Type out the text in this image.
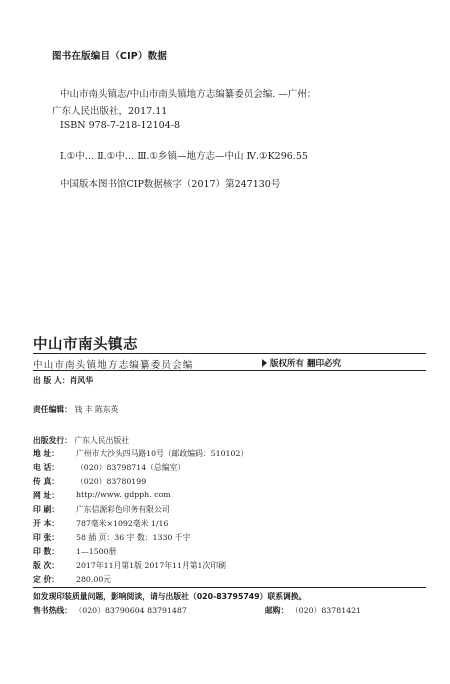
图书在版编目（CIP）数据
中山市南头镇志/中山市南头镇地方志编纂委员会编. —广州：
广东人民出版社，2017.11
ISBN 978-7-218-12104-8
Ⅰ.①中… Ⅱ.①中… Ⅲ.①乡镇—地方志—中山 Ⅳ.①K296.55
中国版本图书馆CIP数据核字（2017）第247130号
中山市南头镇志
中山市南头镇地方志编纂委员会编	版权所有 翻印必究
出 版 人：肖风华
责任编辑： 钱 丰 陈东英
出版发行： 广东人民出版社
地 址： 广州市大沙头四马路10号（邮政编码：510102）
电 话： （020）83798714（总编室）
传 真： （020）83780199
网 址： http://www. gdpph. com
印 刷： 广东信源彩色印务有限公司
开 本： 787毫米×1092毫米 1/16
印 张： 58 插 页：36 字 数：1330 千字
印 数： 1—1500册
版 次： 2017年11月第1版 2017年11月第1次印刷
定 价： 280.00元
如发现印装质量问题，影响阅读，请与出版社（020-83795749）联系调换。
售书热线： （020）83790604 83791487	邮购： （020）83781421
